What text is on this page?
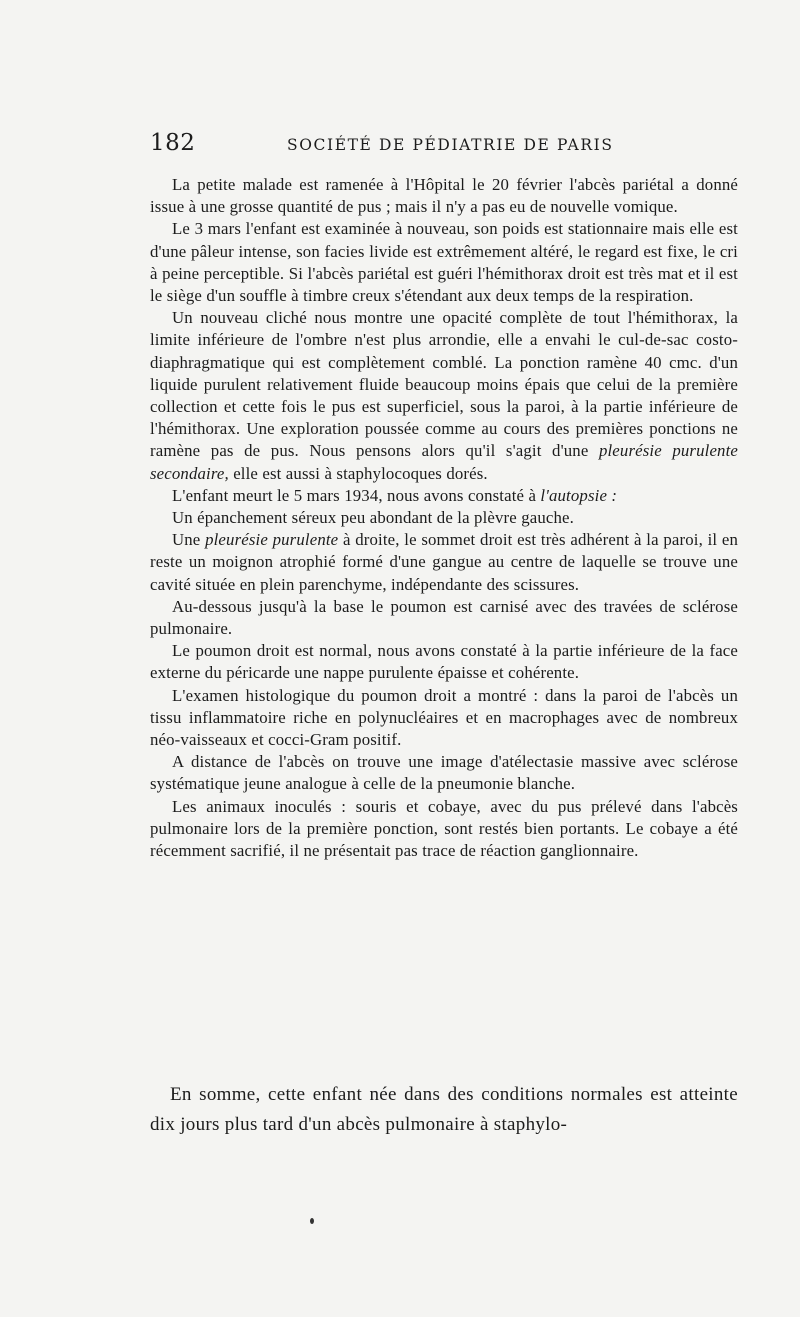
182	SOCIÉTÉ DE PÉDIATRIE DE PARIS

La petite malade est ramenée à l'Hôpital le 20 février l'abcès pariétal a donné issue à une grosse quantité de pus ; mais il n'y a pas eu de nouvelle vomique.

Le 3 mars l'enfant est examinée à nouveau, son poids est stationnaire mais elle est d'une pâleur intense, son facies livide est extrêmement altéré, le regard est fixe, le cri à peine perceptible. Si l'abcès pariétal est guéri l'hémithorax droit est très mat et il est le siège d'un souffle à timbre creux s'étendant aux deux temps de la respiration.

Un nouveau cliché nous montre une opacité complète de tout l'hémithorax, la limite inférieure de l'ombre n'est plus arrondie, elle a envahi le cul-de-sac costo-diaphragmatique qui est complètement comblé. La ponction ramène 40 cmc. d'un liquide purulent relativement fluide beaucoup moins épais que celui de la première collection et cette fois le pus est superficiel, sous la paroi, à la partie inférieure de l'hémithorax. Une exploration poussée comme au cours des premières ponctions ne ramène pas de pus. Nous pensons alors qu'il s'agit d'une pleurésie purulente secondaire, elle est aussi à staphylocoques dorés.

L'enfant meurt le 5 mars 1934, nous avons constaté à l'autopsie :

Un épanchement séreux peu abondant de la plèvre gauche.

Une pleurésie purulente à droite, le sommet droit est très adhérent à la paroi, il en reste un moignon atrophié formé d'une gangue au centre de laquelle se trouve une cavité située en plein parenchyme, indépendante des scissures.

Au-dessous jusqu'à la base le poumon est carnisé avec des travées de sclérose pulmonaire.

Le poumon droit est normal, nous avons constaté à la partie inférieure de la face externe du péricarde une nappe purulente épaisse et cohérente.

L'examen histologique du poumon droit a montré : dans la paroi de l'abcès un tissu inflammatoire riche en polynucléaires et en macrophages avec de nombreux néo-vaisseaux et cocci-Gram positif.

A distance de l'abcès on trouve une image d'atélectasie massive avec sclérose systématique jeune analogue à celle de la pneumonie blanche.

Les animaux inoculés : souris et cobaye, avec du pus prélevé dans l'abcès pulmonaire lors de la première ponction, sont restés bien portants. Le cobaye a été récemment sacrifié, il ne présentait pas trace de réaction ganglionnaire.

En somme, cette enfant née dans des conditions normales est atteinte dix jours plus tard d'un abcès pulmonaire à staphylo-
